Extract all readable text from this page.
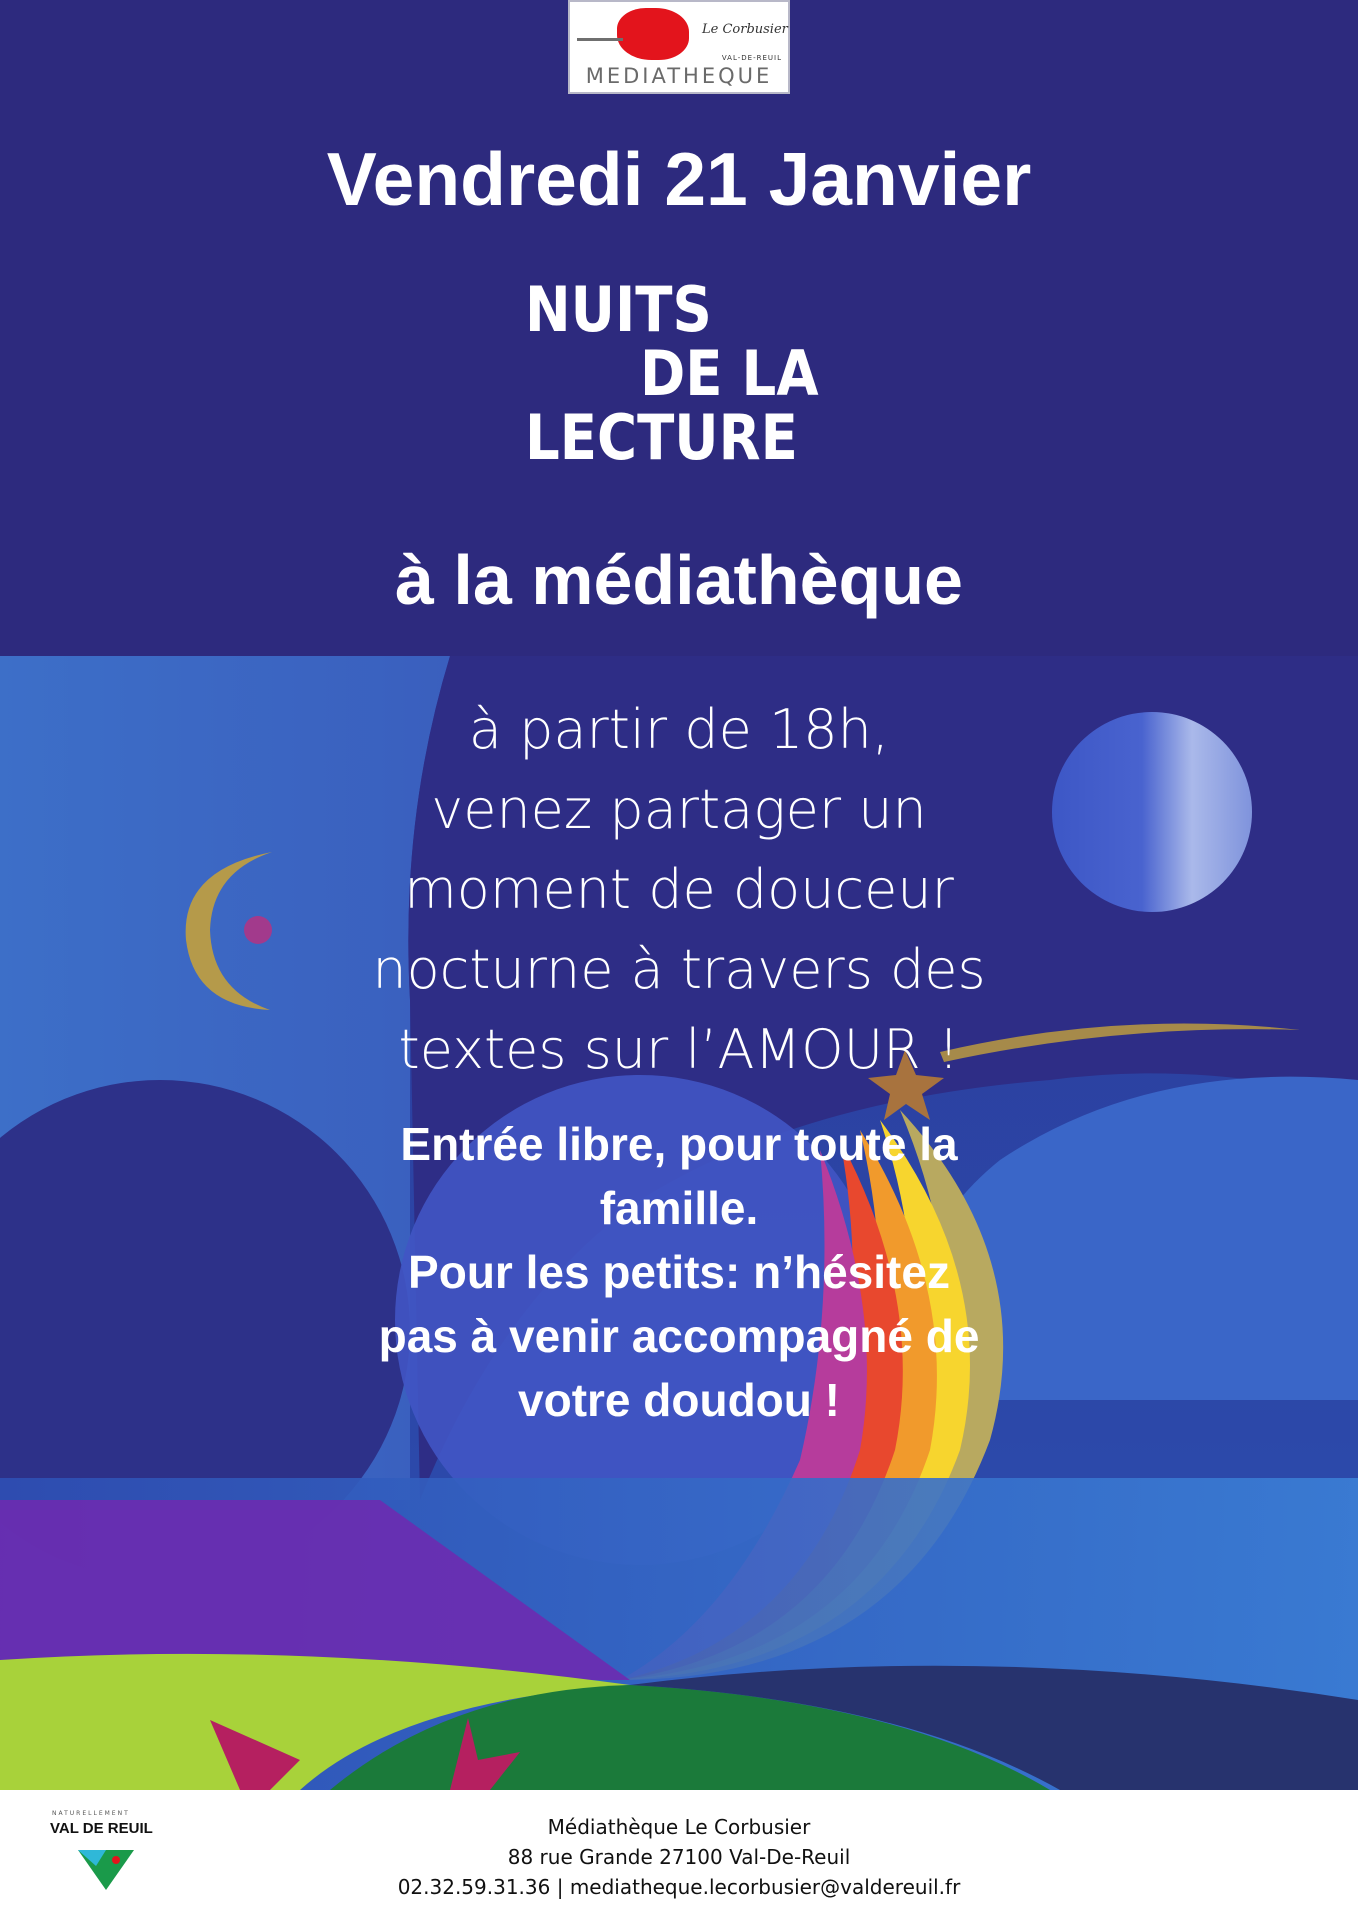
Le Corbusier
VAL-DE-REUIL
MEDIATHEQUE
Vendredi 21 Janvier
NUITS
DE LA
LECTURE
à la médiathèque
à partir de 18h,
venez partager un
moment de douceur
nocturne à travers des
textes sur l’AMOUR !
Entrée libre, pour toute la
famille.
Pour les petits: n’hésitez
pas à venir accompagné de
votre doudou !
NATURELLEMENT
VAL DE REUIL	Médiathèque Le Corbusier
88 rue Grande 27100 Val-De-Reuil
02.32.59.31.36 | mediatheque.lecorbusier@valdereuil.fr
